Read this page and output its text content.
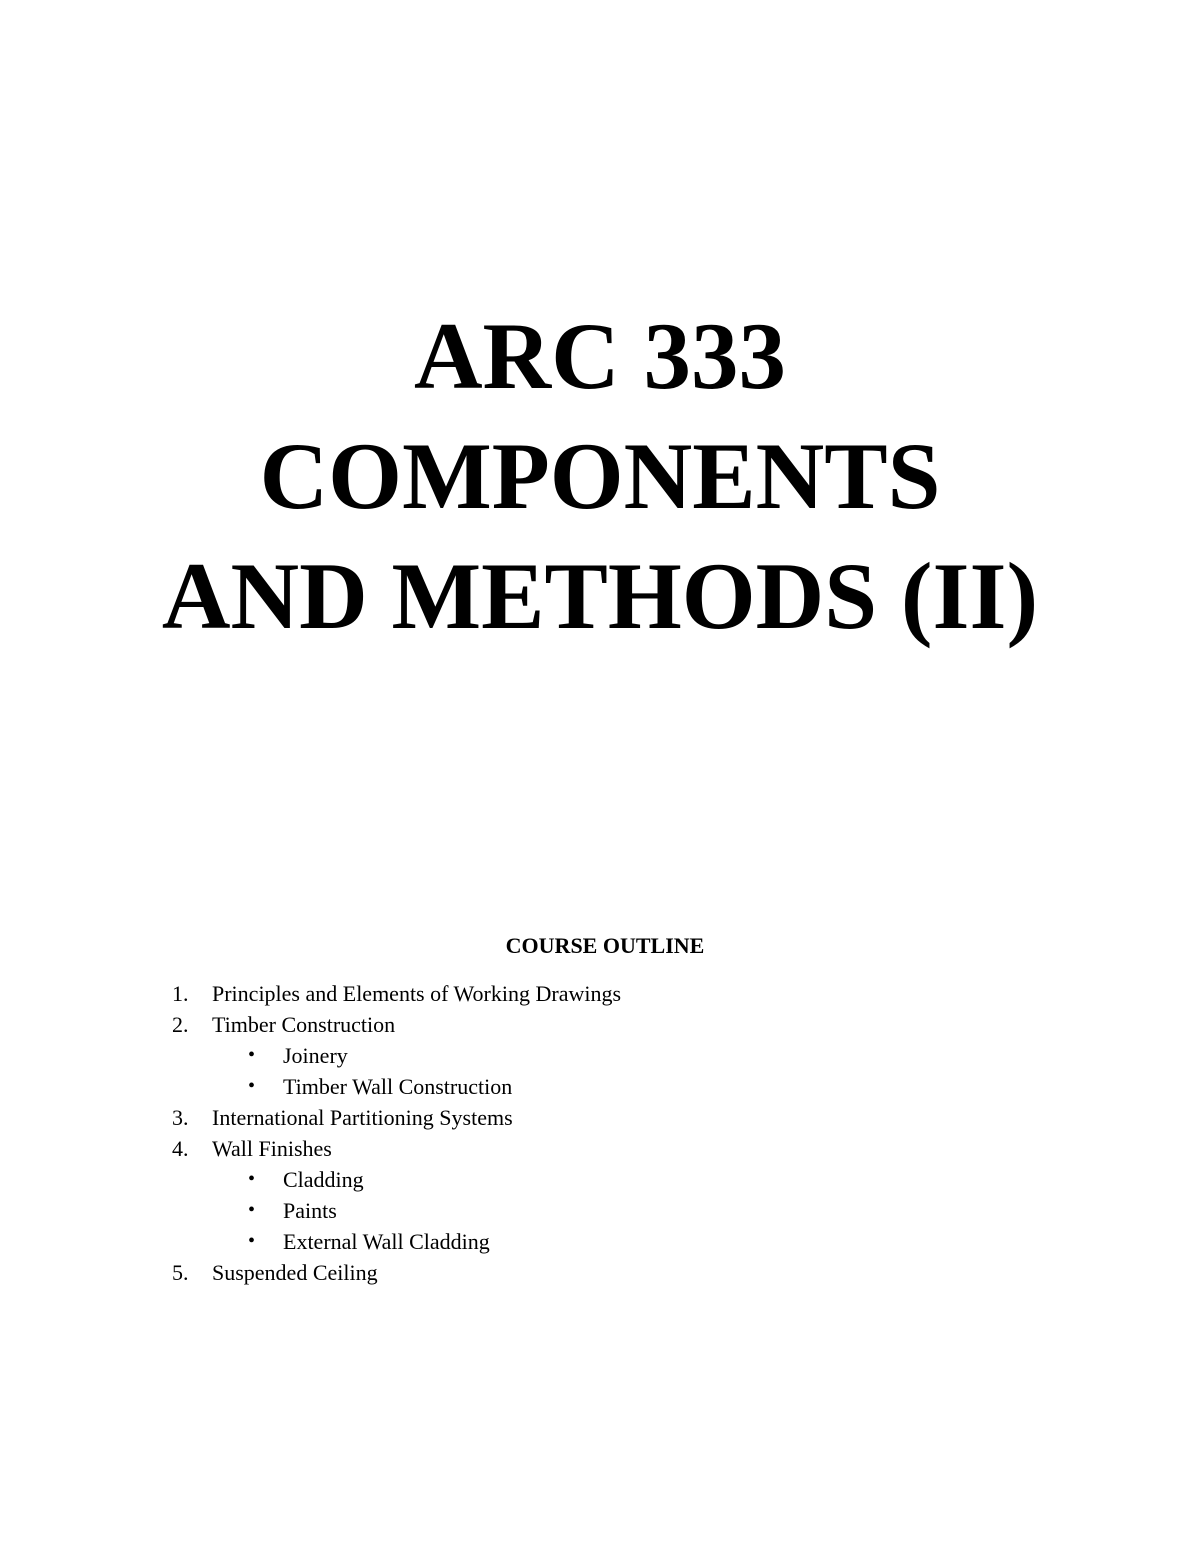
ARC 333
COMPONENTS
AND METHODS (II)
COURSE OUTLINE
1. Principles and Elements of Working Drawings
2. Timber Construction
• Joinery
• Timber Wall Construction
3. International Partitioning Systems
4. Wall Finishes
• Cladding
• Paints
• External Wall Cladding
5. Suspended Ceiling
